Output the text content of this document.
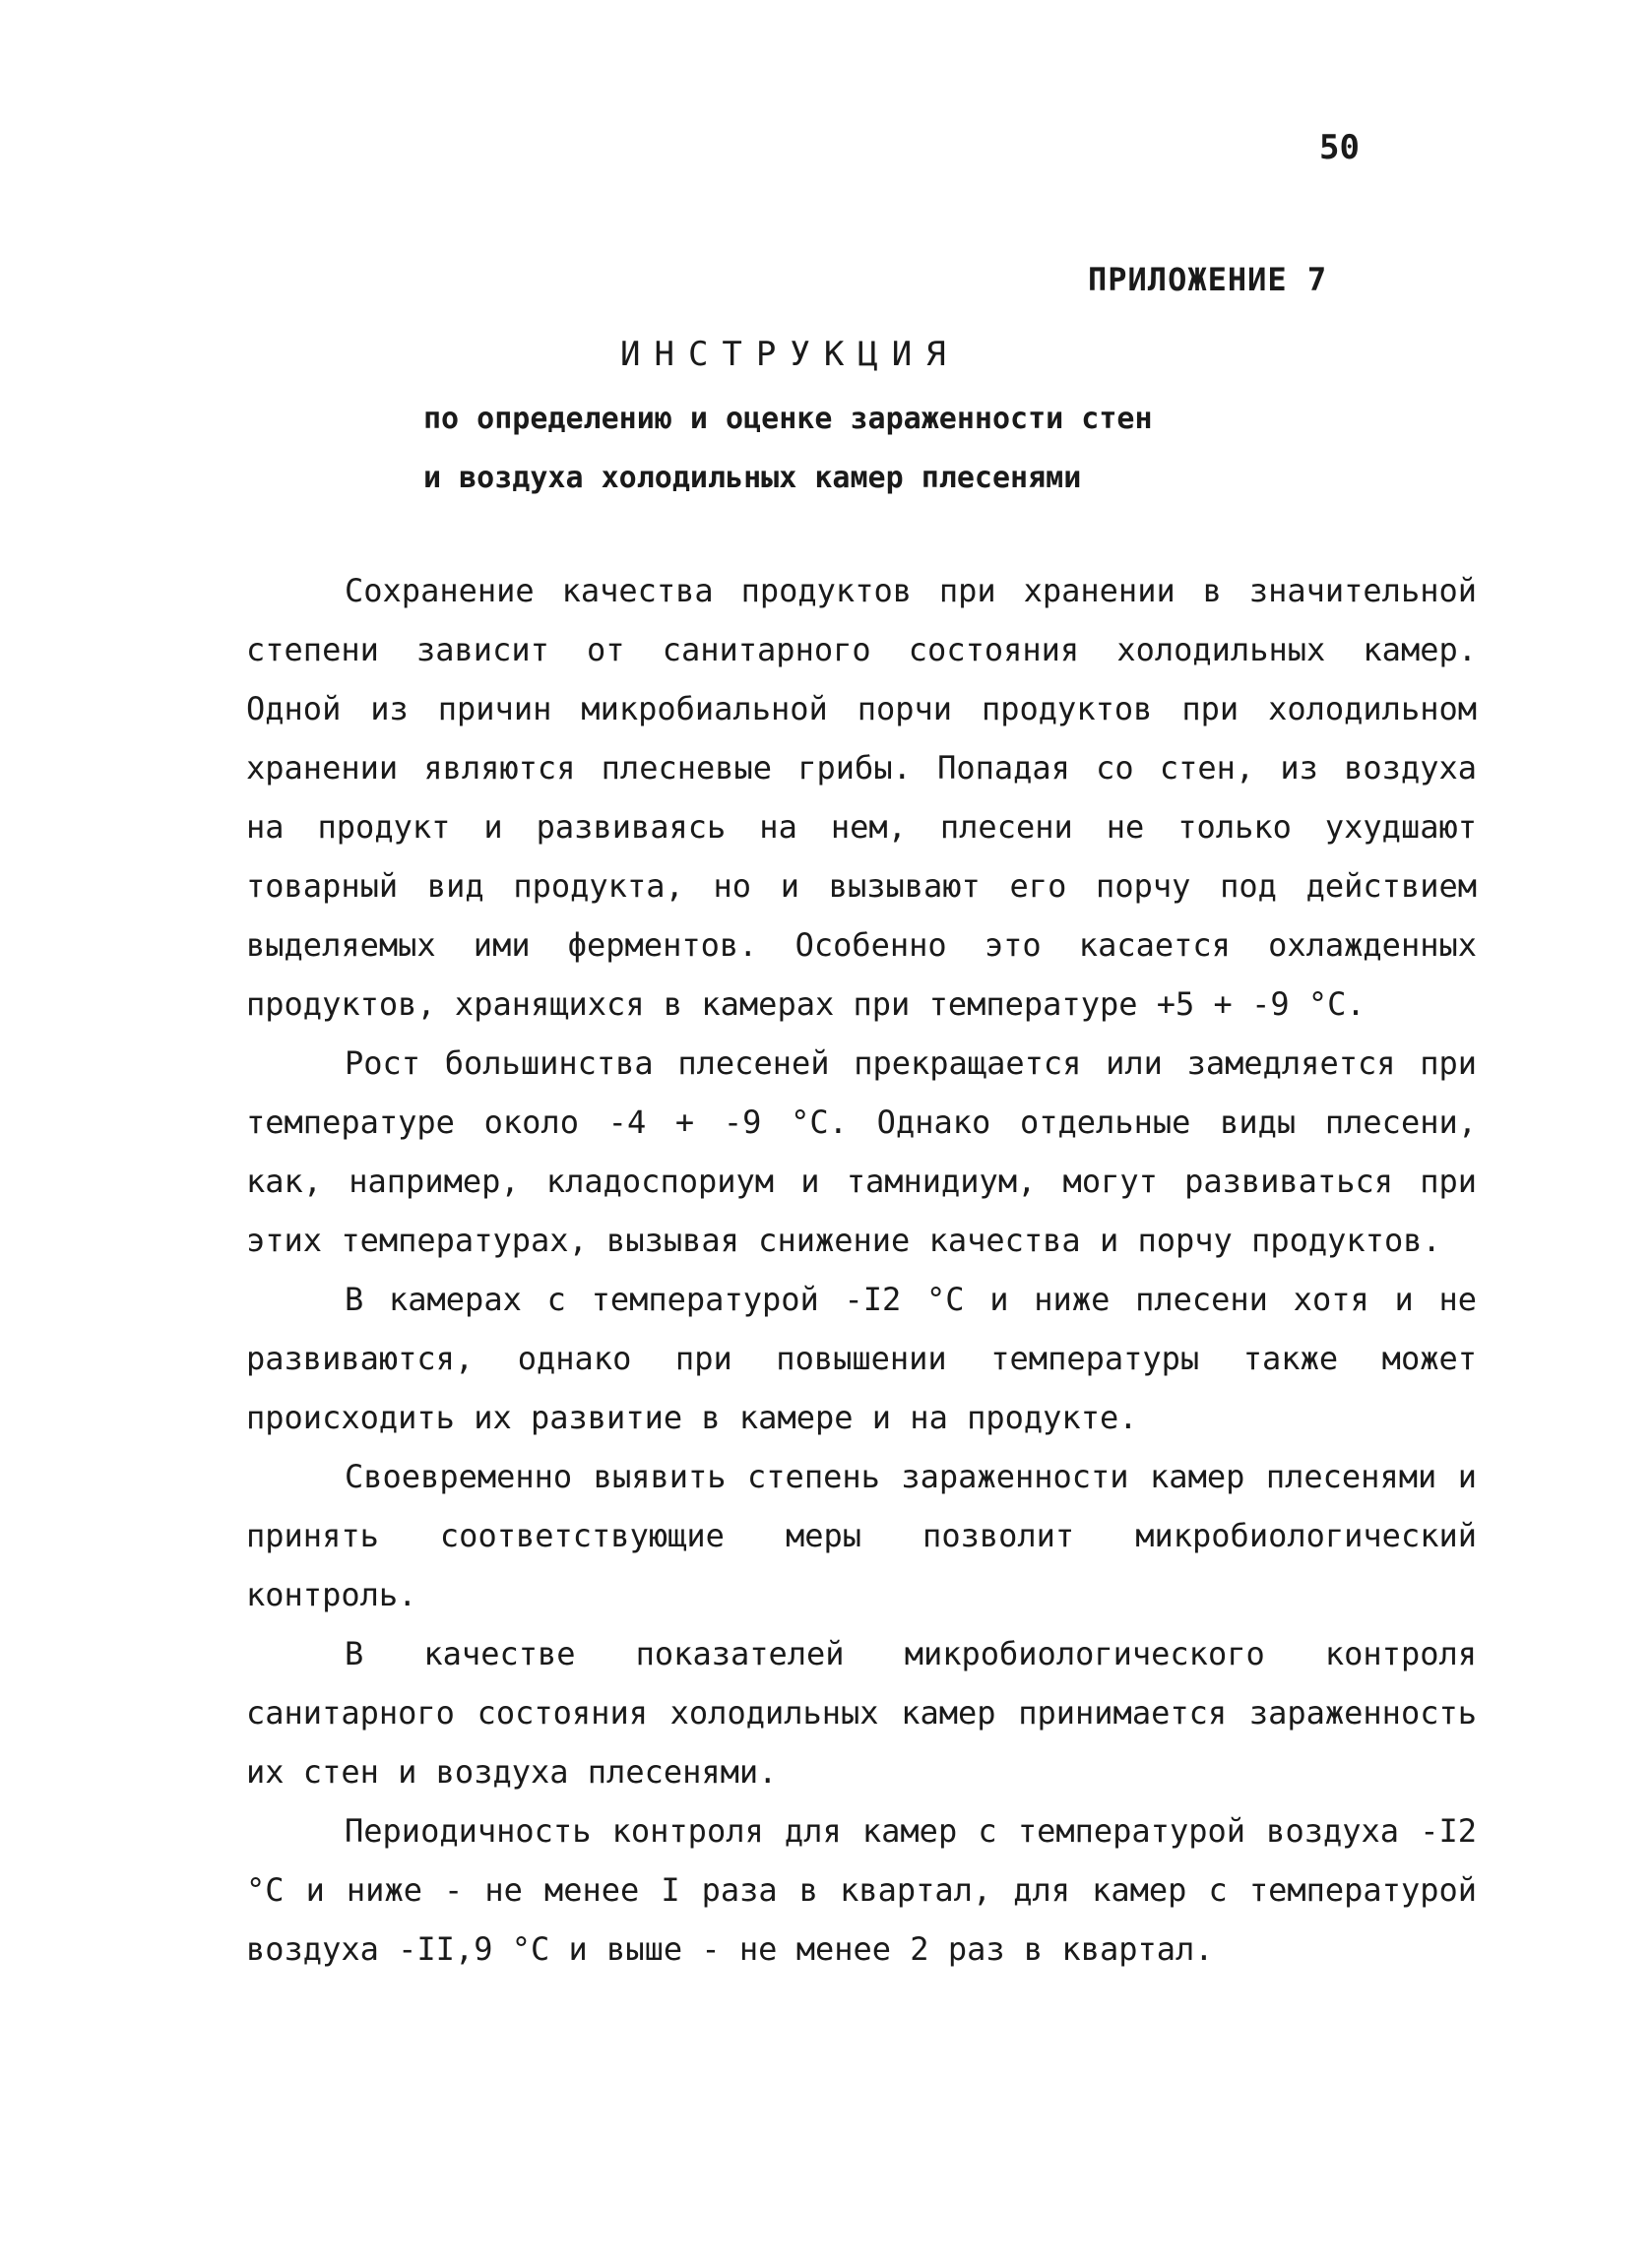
50
ПРИЛОЖЕНИЕ 7
ИНСТРУКЦИЯ
по определению и оценке зараженности стен
и воздуха холодильных камер плесенями

Сохранение качества продуктов при хранении в значительной степени зависит от санитарного состояния холодильных камер. Одной из причин микробиальной порчи продуктов при холодильном хранении являются плесневые грибы. Попадая со стен, из воздуха на продукт и развиваясь на нем, плесени не только ухудшают товарный вид продукта, но и вызывают его порчу под действием выделяемых ими ферментов. Особенно это касается охлажденных продуктов, хранящихся в камерах при температуре +5 + -9 °С.

Рост большинства плесеней прекращается или замедляется при температуре около -4 + -9 °С. Однако отдельные виды плесени, как, например, кладоспориум и тамнидиум, могут развиваться при этих температурах, вызывая снижение качества и порчу продуктов.

В камерах с температурой -I2 °С и ниже плесени хотя и не развиваются, однако при повышении температуры также может происходить их развитие в камере и на продукте.

Своевременно выявить степень зараженности камер плесенями и принять соответствующие меры позволит микробиологический контроль.

В качестве показателей микробиологического контроля санитарного состояния холодильных камер принимается зараженность их стен и воздуха плесенями.

Периодичность контроля для камер с температурой воздуха -I2 °С и ниже - не менее I раза в квартал, для камер с температурой воздуха -II,9 °С и выше - не менее 2 раз в квартал.
